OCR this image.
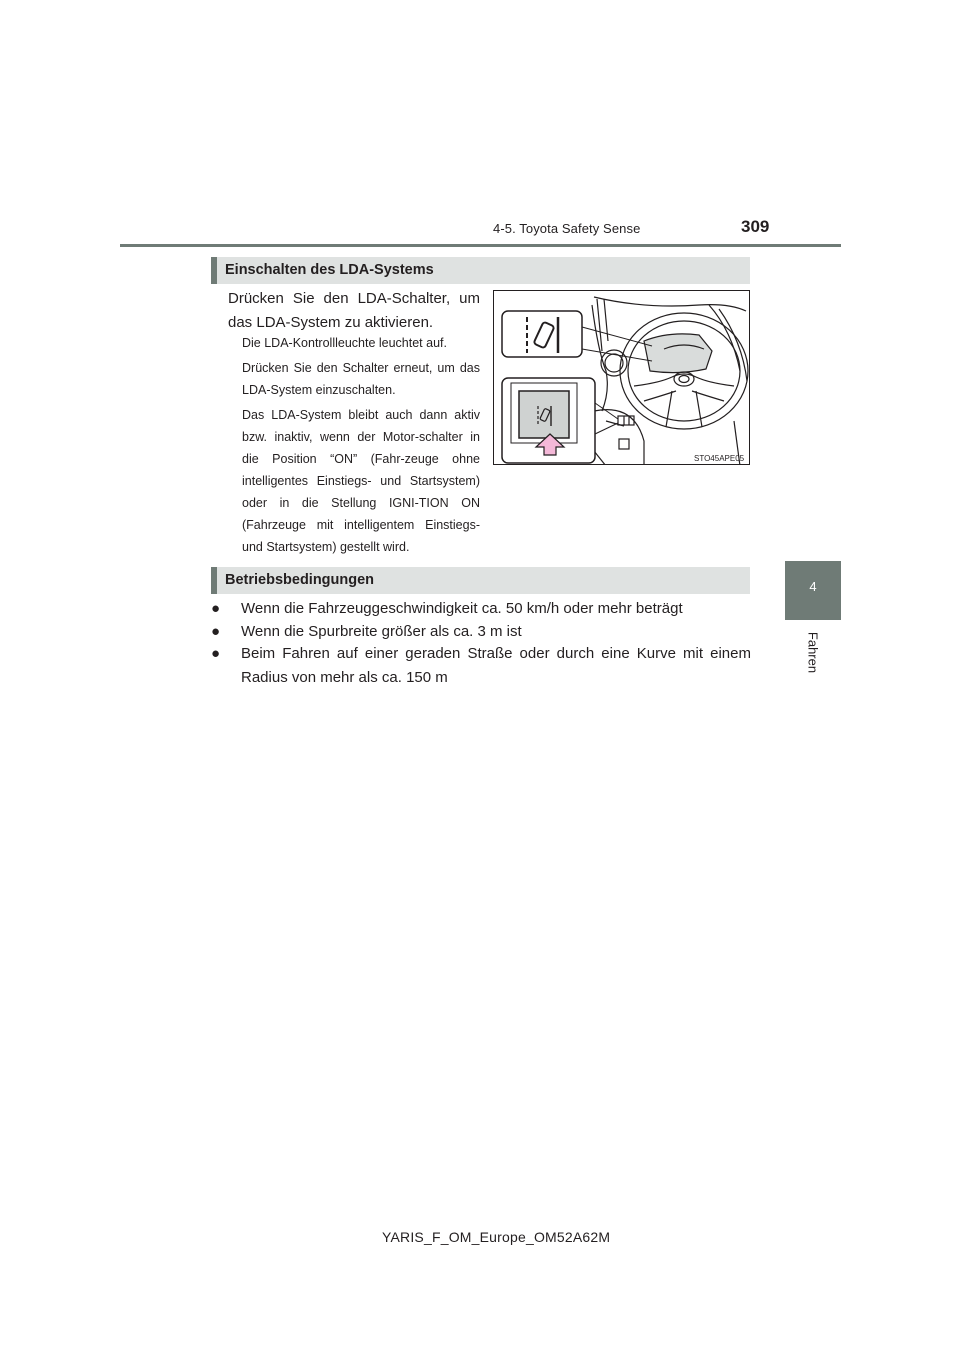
4-5. Toyota Safety Sense	309
4
Fahren
Einschalten des LDA-Systems
Drücken Sie den LDA-Schalter, um
das LDA-System zu aktivieren.
Die LDA-Kontrollleuchte leuchtet auf.
Drücken Sie den Schalter erneut, um das LDA-System einzuschalten.
Das LDA-System bleibt auch dann aktiv bzw. inaktiv, wenn der Motor-schalter in die Position “ON” (Fahr-zeuge ohne intelligentes Einstiegs- und Startsystem) oder in die Stellung IGNI-TION ON (Fahrzeuge mit intelligentem Einstiegs- und Startsystem) gestellt wird.
STO45APE05
Betriebsbedingungen
● Wenn die Fahrzeuggeschwindigkeit ca. 50 km/h oder mehr beträgt
● Wenn die Spurbreite größer als ca. 3 m ist
● Beim Fahren auf einer geraden Straße oder durch eine Kurve mit einem Radius von mehr als ca. 150 m
YARIS_F_OM_Europe_OM52A62M
